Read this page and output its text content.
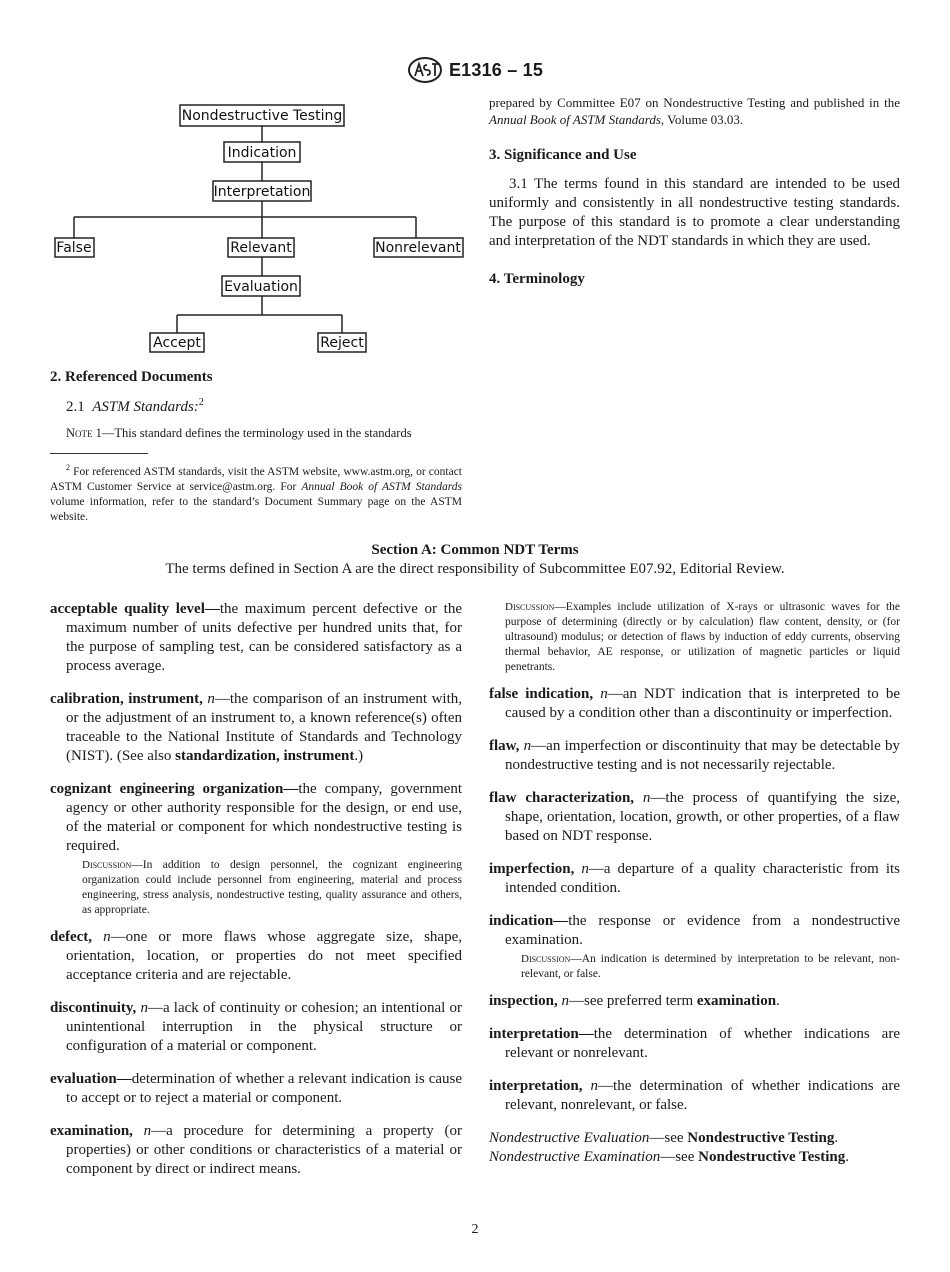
E1316 – 15
Nondestructive Testing
Indication
Interpretation
False	Relevant	Nonrelevant
Evaluation
Accept	Reject

2. Referenced Documents

2.1 ASTM Standards:$^2$

Note 1—This standard defines the terminology used in the standards

$^2$ For referenced ASTM standards, visit the ASTM website, www.astm.org, or contact ASTM Customer Service at service@astm.org. For Annual Book of ASTM Standards volume information, refer to the standard’s Document Summary page on the ASTM website.

prepared by Committee E07 on Nondestructive Testing and published in the Annual Book of ASTM Standards, Volume 03.03.

3. Significance and Use

3.1 The terms found in this standard are intended to be used uniformly and consistently in all nondestructive testing standards. The purpose of this standard is to promote a clear understanding and interpretation of the NDT standards in which they are used.

4. Terminology

Section A: Common NDT Terms

The terms defined in Section A are the direct responsibility of Subcommittee E07.92, Editorial Review.

acceptable quality level—the maximum percent defective or the maximum number of units defective per hundred units that, for the purpose of sampling test, can be considered satisfactory as a process average.

calibration, instrument, n—the comparison of an instrument with, or the adjustment of an instrument to, a known reference(s) often traceable to the National Institute of Standards and Technology (NIST). (See also standardization, instrument.)

cognizant engineering organization—the company, government agency or other authority responsible for the design, or end use, of the material or component for which nondestructive testing is required.

Discussion—In addition to design personnel, the cognizant engineering organization could include personnel from engineering, material and process engineering, stress analysis, nondestructive testing, quality assurance and others, as appropriate.

defect, n—one or more flaws whose aggregate size, shape, orientation, location, or properties do not meet specified acceptance criteria and are rejectable.

discontinuity, n—a lack of continuity or cohesion; an intentional or unintentional interruption in the physical structure or configuration of a material or component.

evaluation—determination of whether a relevant indication is cause to accept or to reject a material or component.

examination, n—a procedure for determining a property (or properties) or other conditions or characteristics of a material or component by direct or indirect means.

Discussion—Examples include utilization of X-rays or ultrasonic waves for the purpose of determining (directly or by calculation) flaw content, density, or (for ultrasound) modulus; or detection of flaws by induction of eddy currents, observing thermal behavior, AE response, or utilization of magnetic particles or liquid penetrants.

false indication, n—an NDT indication that is interpreted to be caused by a condition other than a discontinuity or imperfection.

flaw, n—an imperfection or discontinuity that may be detectable by nondestructive testing and is not necessarily rejectable.

flaw characterization, n—the process of quantifying the size, shape, orientation, location, growth, or other properties, of a flaw based on NDT response.

imperfection, n—a departure of a quality characteristic from its intended condition.

indication—the response or evidence from a nondestructive examination.

Discussion—An indication is determined by interpretation to be relevant, non-relevant, or false.

inspection, n—see preferred term examination.

interpretation—the determination of whether indications are relevant or nonrelevant.

interpretation, n—the determination of whether indications are relevant, nonrelevant, or false.

Nondestructive Evaluation—see Nondestructive Testing.

Nondestructive Examination—see Nondestructive Testing.

2
